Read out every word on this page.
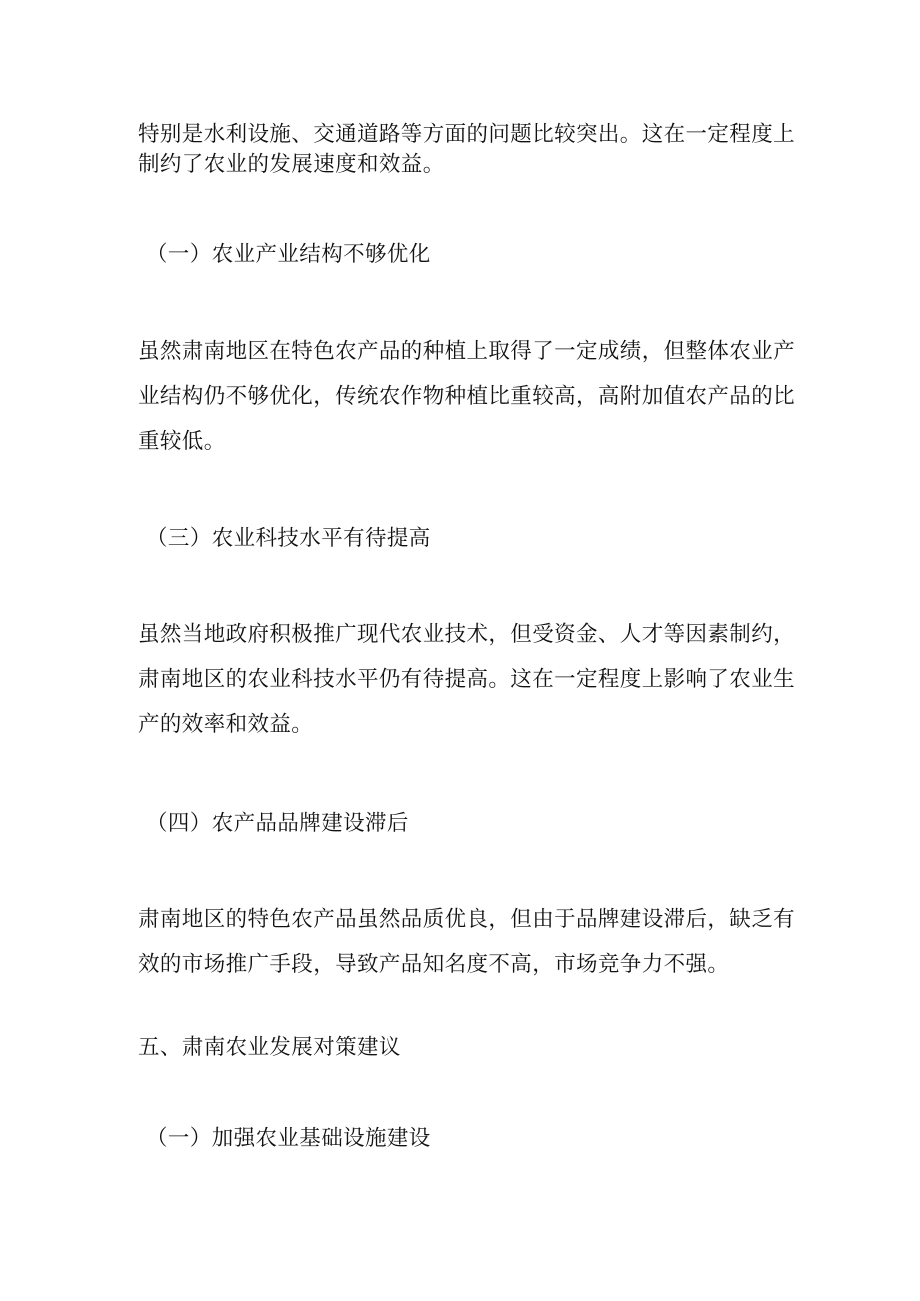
特别是水利设施、交通道路等方面的问题比较突出。这在一定程度上
制约了农业的发展速度和效益。
（一）农业产业结构不够优化
虽然肃南地区在特色农产品的种植上取得了一定成绩，但整体农业产
业结构仍不够优化，传统农作物种植比重较高，高附加值农产品的比
重较低。
（三）农业科技水平有待提高
虽然当地政府积极推广现代农业技术，但受资金、人才等因素制约，
肃南地区的农业科技水平仍有待提高。这在一定程度上影响了农业生
产的效率和效益。
（四）农产品品牌建设滞后
肃南地区的特色农产品虽然品质优良，但由于品牌建设滞后，缺乏有
效的市场推广手段，导致产品知名度不高，市场竞争力不强。
五、肃南农业发展对策建议
（一）加强农业基础设施建设
